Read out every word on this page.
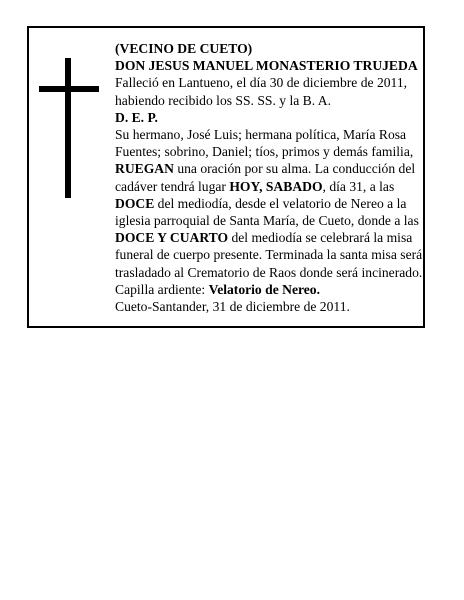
(VECINO DE CUETO)

DON JESUS MANUEL MONASTERIO TRUJEDA

Falleció en Lantueno, el día 30 de diciembre de 2011, habiendo recibido los SS. SS. y la B. A.

D. E. P.

Su hermano, José Luis; hermana política, María Rosa Fuentes; sobrino, Daniel; tíos, primos y demás familia, RUEGAN una oración por su alma. La conducción del cadáver tendrá lugar HOY, SABADO, día 31, a las DOCE del mediodía, desde el velatorio de Nereo a la iglesia parroquial de Santa María, de Cueto, donde a las DOCE Y CUARTO del mediodía se celebrará la misa funeral de cuerpo presente. Terminada la santa misa será trasladado al Crematorio de Raos donde será incinerado. Capilla ardiente: Velatorio de Nereo.

Cueto-Santander, 31 de diciembre de 2011.
